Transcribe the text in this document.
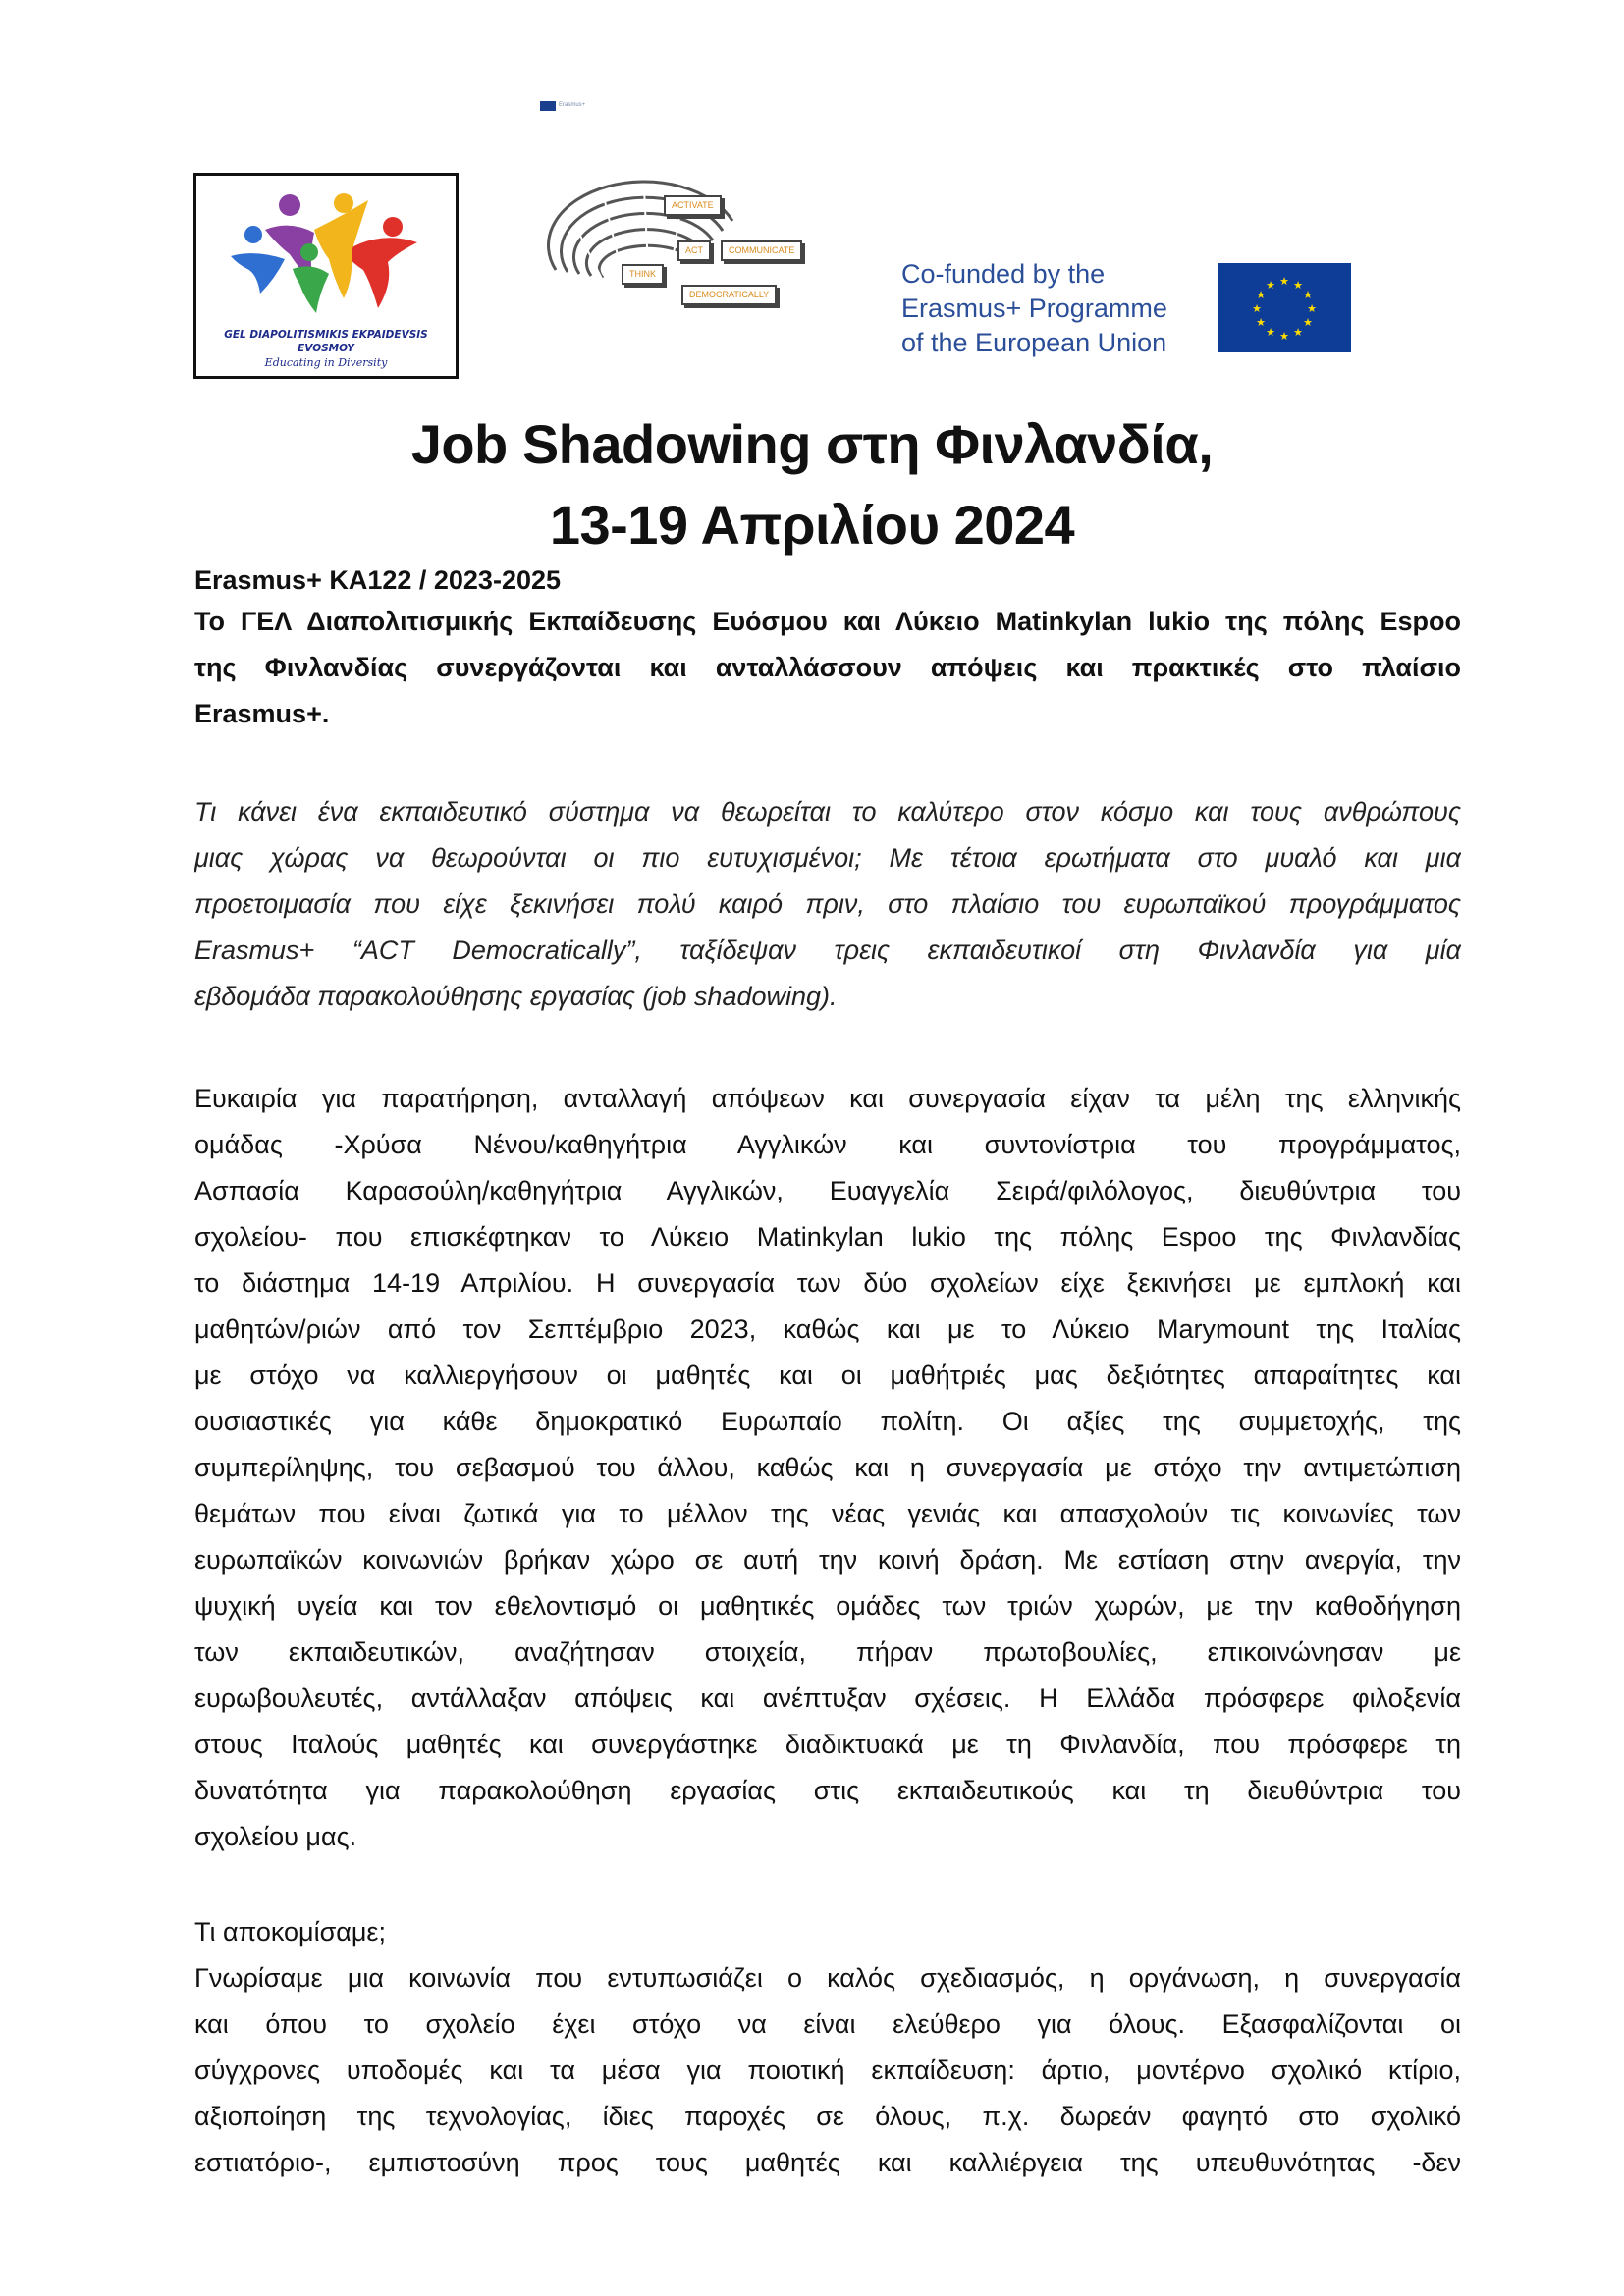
Erasmus+
GEL DIAPOLITISMIKIS EKPAIDEVSIS
EVOSMOY
Educating in Diversity
ACTIVATE
ACT	COMMUNICATE
THINK
DEMOCRATICALLY
Co-funded by the
Erasmus+ Programme
of the European Union
★ ★
★
★
★
★
★
★
★
★
★
★
Job Shadowing στη Φινλανδία,
13-19 Απριλίου 2024
Erasmus+ KA122 / 2023-2025
Το ΓΕΛ Διαπολιτισμικής Εκπαίδευσης Ευόσμου και Λύκειο Matinkylan lukio της πόλης Espoo
της Φινλανδίας συνεργάζονται και ανταλλάσσουν απόψεις και πρακτικές στο πλαίσιο
Erasmus+.
Τι κάνει ένα εκπαιδευτικό σύστημα να θεωρείται το καλύτερο στον κόσμο και τους ανθρώπους
μιας χώρας να θεωρούνται οι πιο ευτυχισμένοι; Με τέτοια ερωτήματα στο μυαλό και μια
προετοιμασία που είχε ξεκινήσει πολύ καιρό πριν, στο πλαίσιο του ευρωπαϊκού προγράμματος
Erasmus+ “ACT Democratically”, ταξίδεψαν τρεις εκπαιδευτικοί στη Φινλανδία για μία
εβδομάδα παρακολούθησης εργασίας (job shadowing).
Ευκαιρία για παρατήρηση, ανταλλαγή απόψεων και συνεργασία είχαν τα μέλη της ελληνικής
ομάδας -Χρύσα Νένου/καθηγήτρια Αγγλικών και συντονίστρια του προγράμματος,
Ασπασία Καρασούλη/καθηγήτρια Αγγλικών, Ευαγγελία Σειρά/φιλόλογος, διευθύντρια του
σχολείου- που επισκέφτηκαν το Λύκειο Matinkylan lukio της πόλης Espoo της Φινλανδίας
το διάστημα 14-19 Απριλίου. Η συνεργασία των δύο σχολείων είχε ξεκινήσει με εμπλοκή και
μαθητών/ριών από τον Σεπτέμβριο 2023, καθώς και με το Λύκειο Marymount της Ιταλίας
με στόχο να καλλιεργήσουν οι μαθητές και οι μαθήτριές μας δεξιότητες απαραίτητες και
ουσιαστικές για κάθε δημοκρατικό Ευρωπαίο πολίτη. Οι αξίες της συμμετοχής, της
συμπερίληψης, του σεβασμού του άλλου, καθώς και η συνεργασία με στόχο την αντιμετώπιση
θεμάτων που είναι ζωτικά για το μέλλον της νέας γενιάς και απασχολούν τις κοινωνίες των
ευρωπαϊκών κοινωνιών βρήκαν χώρο σε αυτή την κοινή δράση. Με εστίαση στην ανεργία, την
ψυχική υγεία και τον εθελοντισμό οι μαθητικές ομάδες των τριών χωρών, με την καθοδήγηση
των εκπαιδευτικών, αναζήτησαν στοιχεία, πήραν πρωτοβουλίες, επικοινώνησαν με
ευρωβουλευτές, αντάλλαξαν απόψεις και ανέπτυξαν σχέσεις. Η Ελλάδα πρόσφερε φιλοξενία
στους Ιταλούς μαθητές και συνεργάστηκε διαδικτυακά με τη Φινλανδία, που πρόσφερε τη
δυνατότητα για παρακολούθηση εργασίας στις εκπαιδευτικούς και τη διευθύντρια του
σχολείου μας.
Τι αποκομίσαμε;
Γνωρίσαμε μια κοινωνία που εντυπωσιάζει ο καλός σχεδιασμός, η οργάνωση, η συνεργασία
και όπου το σχολείο έχει στόχο να είναι ελεύθερο για όλους. Εξασφαλίζονται οι
σύγχρονες υποδομές και τα μέσα για ποιοτική εκπαίδευση: άρτιο, μοντέρνο σχολικό κτίριο,
αξιοποίηση της τεχνολογίας, ίδιες παροχές σε όλους, π.χ. δωρεάν φαγητό στο σχολικό
εστιατόριο-, εμπιστοσύνη προς τους μαθητές και καλλιέργεια της υπευθυνότητας -δεν
